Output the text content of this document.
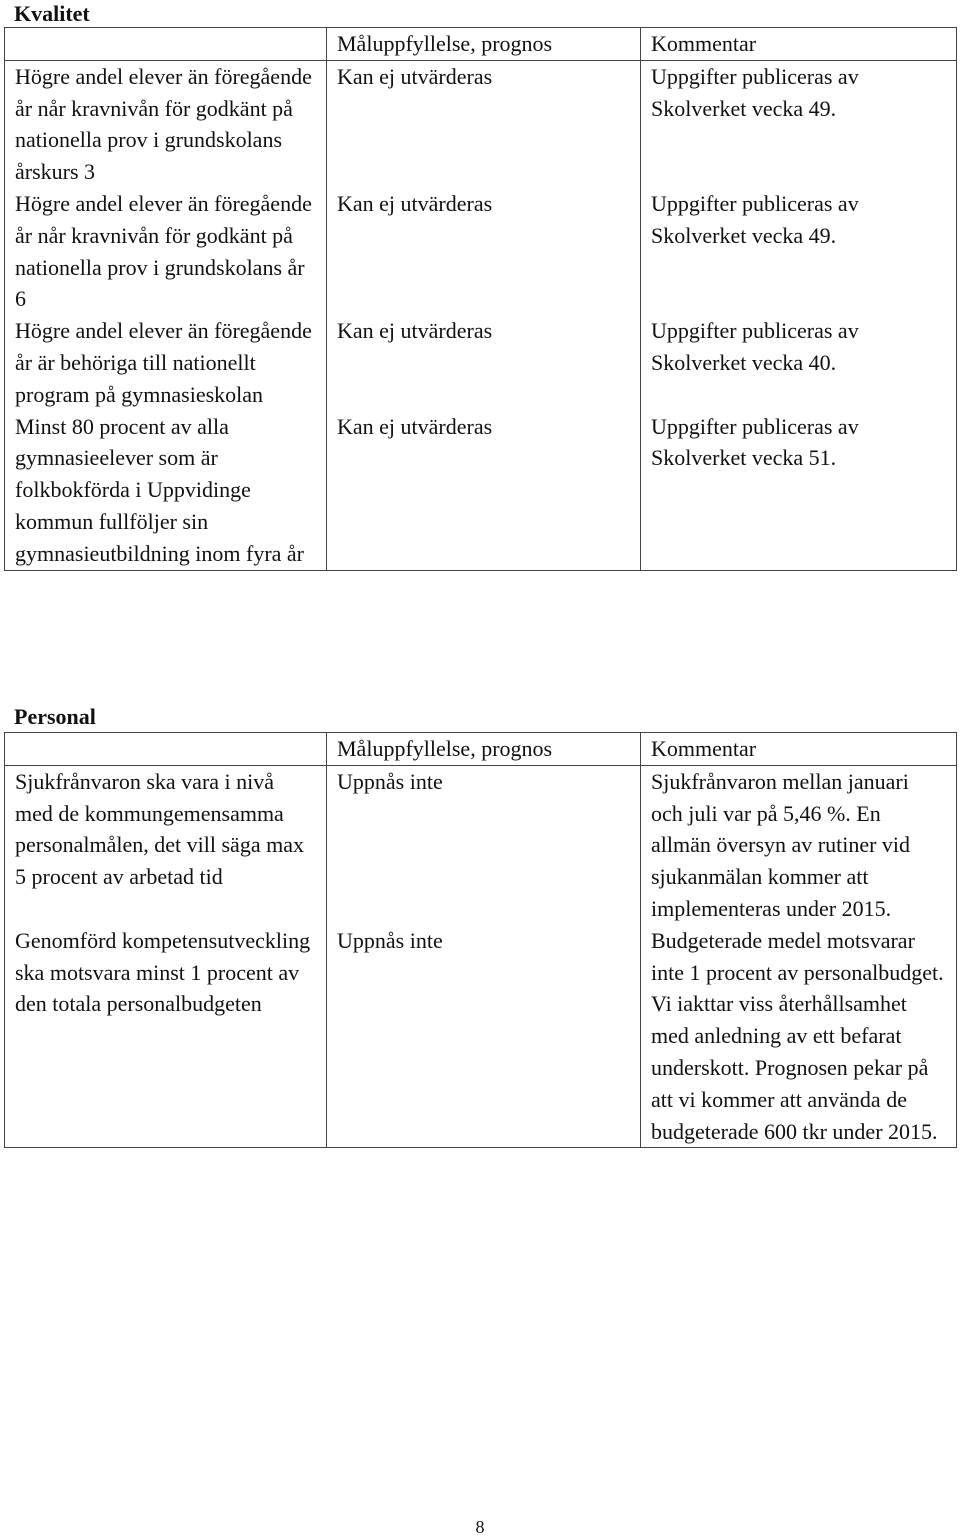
Kvalitet
	Måluppfyllelse, prognos	Kommentar
Högre andel elever än föregående år når kravnivån för godkänt på nationella prov i grundskolans årskurs 3	Kan ej utvärderas	Uppgifter publiceras av Skolverket vecka 49.
Högre andel elever än föregående år når kravnivån för godkänt på nationella prov i grundskolans år 6	Kan ej utvärderas	Uppgifter publiceras av Skolverket vecka 49.
Högre andel elever än föregående år är behöriga till nationellt program på gymnasieskolan	Kan ej utvärderas	Uppgifter publiceras av Skolverket vecka 40.
Minst 80 procent av alla gymnasieelever som är folkbokförda i Uppvidinge kommun fullföljer sin gymnasieutbildning inom fyra år	Kan ej utvärderas	Uppgifter publiceras av Skolverket vecka 51.
Personal
	Måluppfyllelse, prognos	Kommentar
Sjukfrånvaron ska vara i nivå med de kommungemensamma personalmålen, det vill säga max 5 procent av arbetad tid	Uppnås inte	Sjukfrånvaron mellan januari och juli var på 5,46 %. En allmän översyn av rutiner vid sjukanmälan kommer att implementeras under 2015.
Genomförd kompetensutveckling ska motsvara minst 1 procent av den totala personalbudgeten	Uppnås inte	Budgeterade medel motsvarar inte 1 procent av personalbudget. Vi iakttar viss återhållsamhet med anledning av ett befarat underskott. Prognosen pekar på att vi kommer att använda de budgeterade 600 tkr under 2015.
8
